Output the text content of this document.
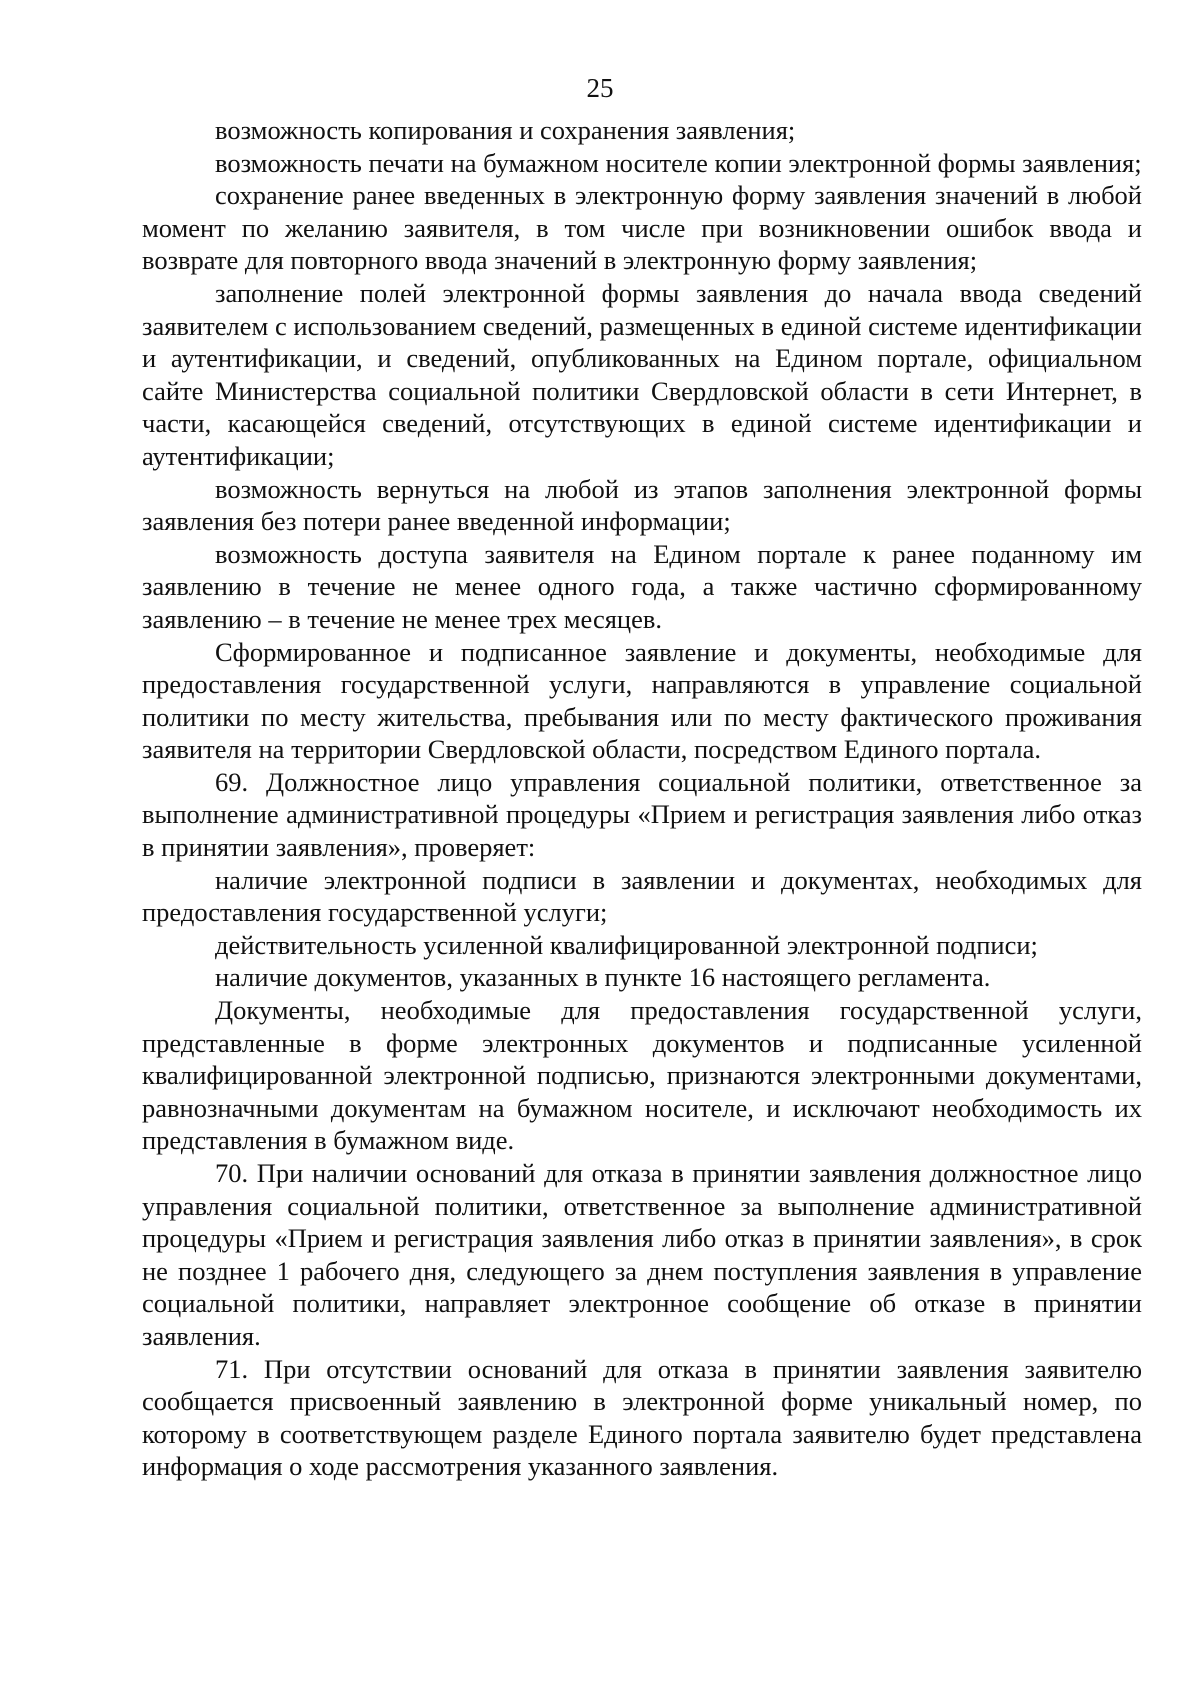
25

возможность копирования и сохранения заявления;

возможность печати на бумажном носителе копии электронной формы заявления;

сохранение ранее введенных в электронную форму заявления значений в любой момент по желанию заявителя, в том числе при возникновении ошибок ввода и возврате для повторного ввода значений в электронную форму заявления;

заполнение полей электронной формы заявления до начала ввода сведений заявителем с использованием сведений, размещенных в единой системе идентификации и аутентификации, и сведений, опубликованных на Едином портале, официальном сайте Министерства социальной политики Свердловской области в сети Интернет, в части, касающейся сведений, отсутствующих в единой системе идентификации и аутентификации;

возможность вернуться на любой из этапов заполнения электронной формы заявления без потери ранее введенной информации;

возможность доступа заявителя на Едином портале к ранее поданному им заявлению в течение не менее одного года, а также частично сформированному заявлению – в течение не менее трех месяцев.

Сформированное и подписанное заявление и документы, необходимые для предоставления государственной услуги, направляются в управление социальной политики по месту жительства, пребывания или по месту фактического проживания заявителя на территории Свердловской области, посредством Единого портала.

69. Должностное лицо управления социальной политики, ответственное за выполнение административной процедуры «Прием и регистрация заявления либо отказ в принятии заявления», проверяет:

наличие электронной подписи в заявлении и документах, необходимых для предоставления государственной услуги;

действительность усиленной квалифицированной электронной подписи;

наличие документов, указанных в пункте 16 настоящего регламента.

Документы, необходимые для предоставления государственной услуги, представленные в форме электронных документов и подписанные усиленной квалифицированной электронной подписью, признаются электронными документами, равнозначными документам на бумажном носителе, и исключают необходимость их представления в бумажном виде.

70. При наличии оснований для отказа в принятии заявления должностное лицо управления социальной политики, ответственное за выполнение административной процедуры «Прием и регистрация заявления либо отказ в принятии заявления», в срок не позднее 1 рабочего дня, следующего за днем поступления заявления в управление социальной политики, направляет электронное сообщение об отказе в принятии заявления.

71. При отсутствии оснований для отказа в принятии заявления заявителю сообщается присвоенный заявлению в электронной форме уникальный номер, по которому в соответствующем разделе Единого портала заявителю будет представлена информация о ходе рассмотрения указанного заявления.
